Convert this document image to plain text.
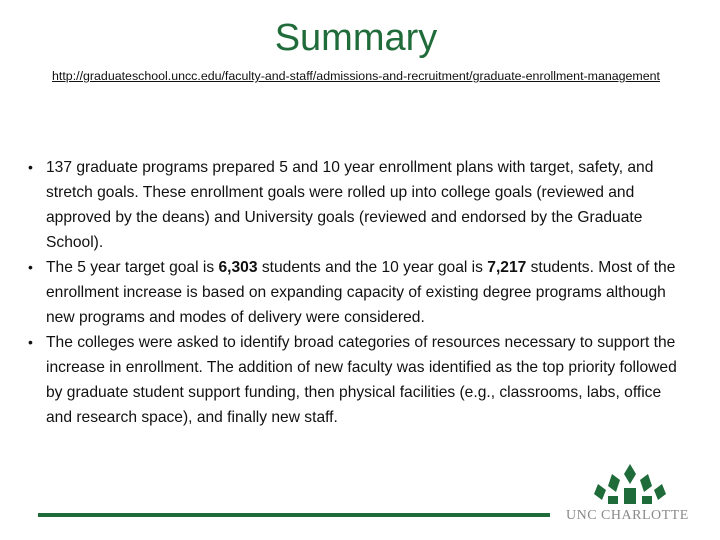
Summary
http://graduateschool.uncc.edu/faculty-and-staff/admissions-and-recruitment/graduate-enrollment-management
• 137 graduate programs prepared 5 and 10 year enrollment plans with target, safety, and stretch goals. These enrollment goals were rolled up into college goals (reviewed and approved by the deans) and University goals (reviewed and endorsed by the Graduate School).
• The 5 year target goal is 6,303 students and the 10 year goal is 7,217 students. Most of the enrollment increase is based on expanding capacity of existing degree programs although new programs and modes of delivery were considered.
• The colleges were asked to identify broad categories of resources necessary to support the increase in enrollment. The addition of new faculty was identified as the top priority followed by graduate student support funding, then physical facilities (e.g., classrooms, labs, office and research space), and finally new staff.
UNC CHARLOTTE
